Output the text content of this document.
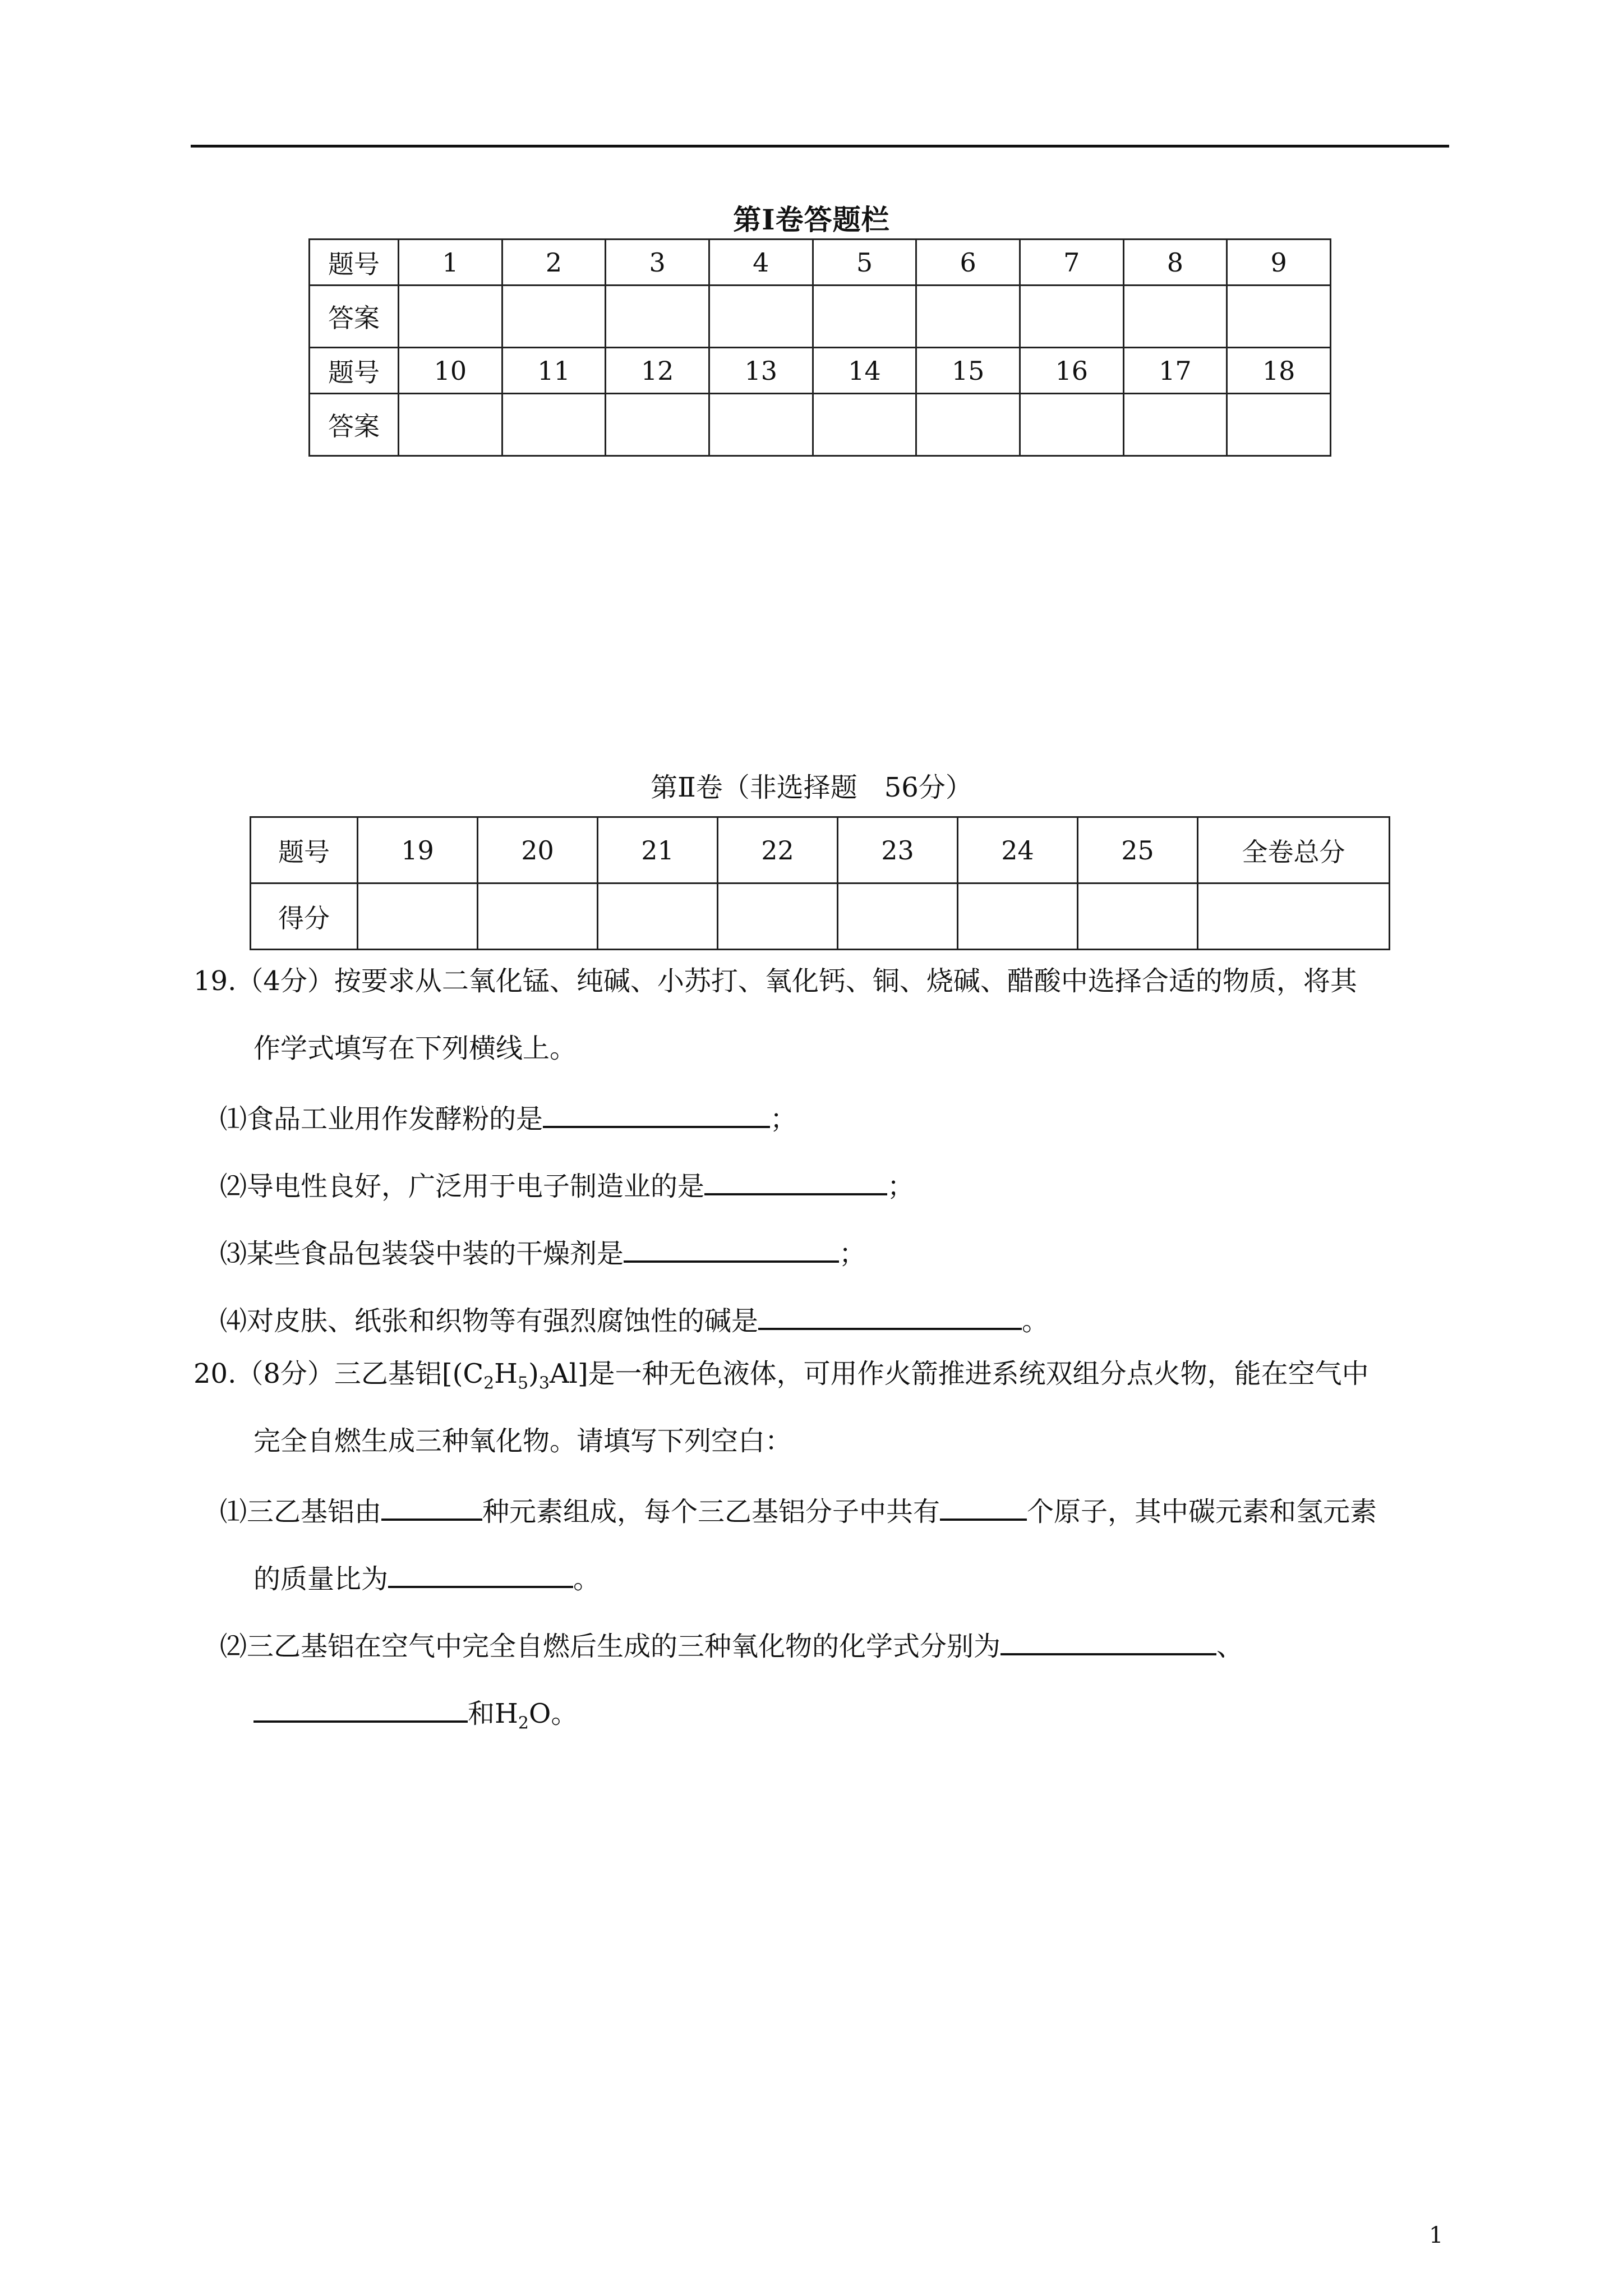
第Ⅰ卷答题栏
题号	1	2	3	4	5	6	7	8	9
答案									
题号	10	11	12	13	14	15	16	17	18
答案									
第Ⅱ卷（非选择题　56分）
题号	19	20	21	22	23	24	25	全卷总分
得分								
19.（4分）按要求从二氧化锰、纯碱、小苏打、氧化钙、铜、烧碱、醋酸中选择合适的物质，将其
作学式填写在下列横线上。
⑴食品工业用作发酵粉的是	；
⑵导电性良好，广泛用于电子制造业的是	；
⑶某些食品包装袋中装的干燥剂是	；
⑷对皮肤、纸张和织物等有强烈腐蚀性的碱是	。
20.（8分）三乙基铝$[(C_2H_5)_3Al]$是一种无色液体，可用作火箭推进系统双组分点火物，能在空气中
完全自燃生成三种氧化物。请填写下列空白：
⑴三乙基铝由	种元素组成，每个三乙基铝分子中共有	个原子，其中碳元素和氢元素
的质量比为	。
⑵三乙基铝在空气中完全自燃后生成的三种氧化物的化学式分别为	、
和$H_2O$。
1
